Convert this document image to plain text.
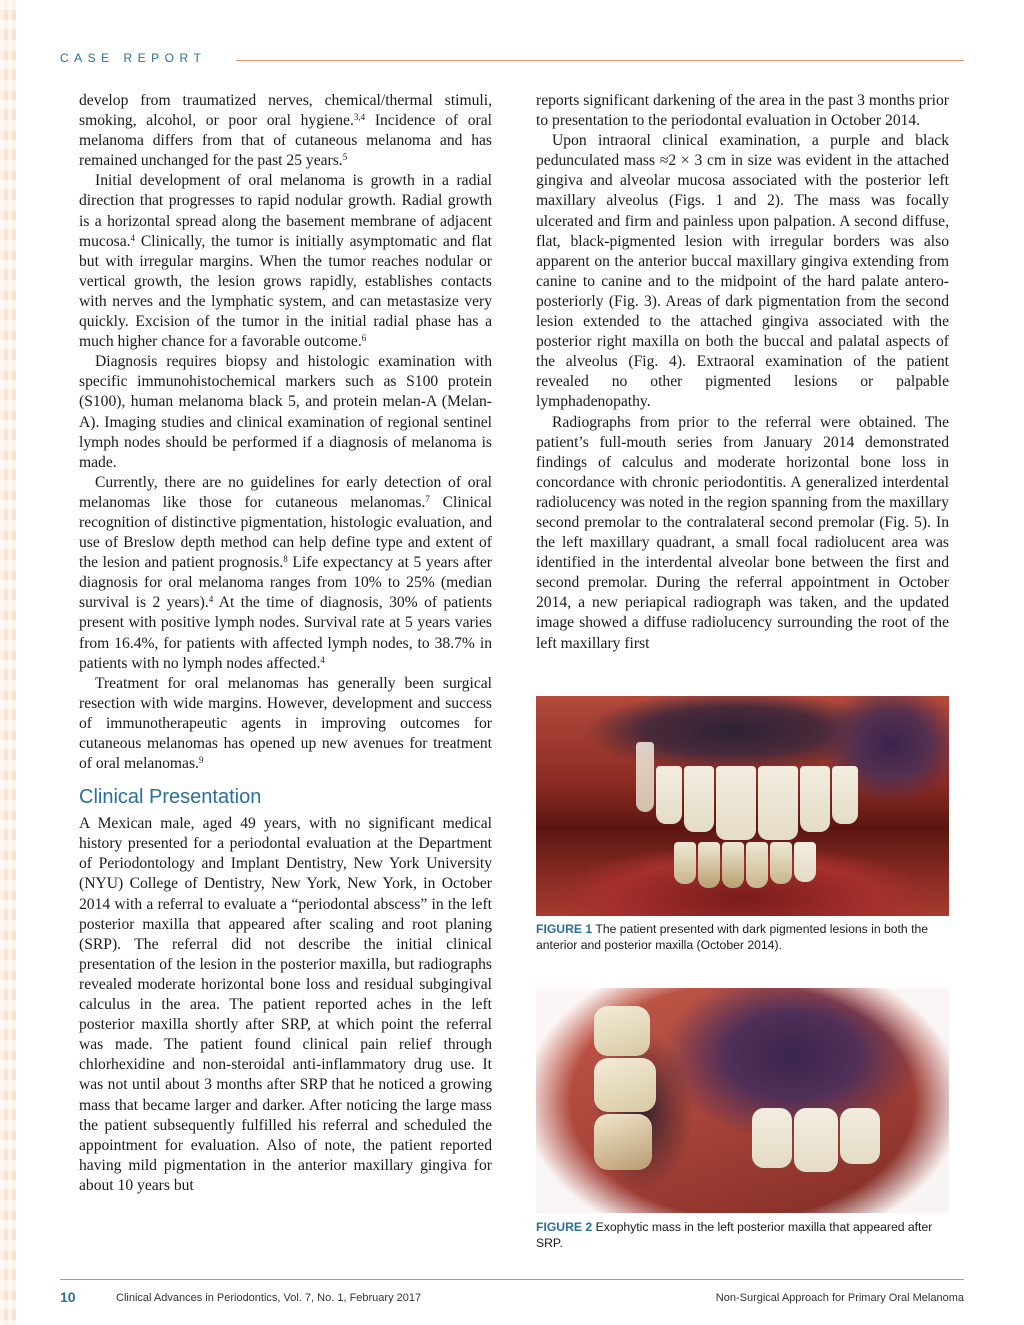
CASE REPORT

develop from traumatized nerves, chemical/thermal stimuli, smoking, alcohol, or poor oral hygiene.$^{3,4}$ Incidence of oral melanoma differs from that of cutaneous melanoma and has remained unchanged for the past 25 years.$^5$

Initial development of oral melanoma is growth in a radial direction that progresses to rapid nodular growth. Radial growth is a horizontal spread along the basement membrane of adjacent mucosa.$^4$ Clinically, the tumor is initially asymptomatic and flat but with irregular margins. When the tumor reaches nodular or vertical growth, the lesion grows rapidly, establishes contacts with nerves and the lymphatic system, and can metastasize very quickly. Excision of the tumor in the initial radial phase has a much higher chance for a favorable outcome.$^6$

Diagnosis requires biopsy and histologic examination with specific immunohistochemical markers such as S100 protein (S100), human melanoma black 5, and protein melan-A (Melan-A). Imaging studies and clinical examination of regional sentinel lymph nodes should be performed if a diagnosis of melanoma is made.

Currently, there are no guidelines for early detection of oral melanomas like those for cutaneous melanomas.$^7$ Clinical recognition of distinctive pigmentation, histologic evaluation, and use of Breslow depth method can help define type and extent of the lesion and patient prognosis.$^8$ Life expectancy at 5 years after diagnosis for oral melanoma ranges from 10% to 25% (median survival is 2 years).$^4$ At the time of diagnosis, 30% of patients present with positive lymph nodes. Survival rate at 5 years varies from 16.4%, for patients with affected lymph nodes, to 38.7% in patients with no lymph nodes affected.$^4$

Treatment for oral melanomas has generally been surgical resection with wide margins. However, development and success of immunotherapeutic agents in improving outcomes for cutaneous melanomas has opened up new avenues for treatment of oral melanomas.$^9$

Clinical Presentation

A Mexican male, aged 49 years, with no significant medical history presented for a periodontal evaluation at the Department of Periodontology and Implant Dentistry, New York University (NYU) College of Dentistry, New York, New York, in October 2014 with a referral to evaluate a “periodontal abscess” in the left posterior maxilla that appeared after scaling and root planing (SRP). The referral did not describe the initial clinical presentation of the lesion in the posterior maxilla, but radiographs revealed moderate horizontal bone loss and residual subgingival calculus in the area. The patient reported aches in the left posterior maxilla shortly after SRP, at which point the referral was made. The patient found clinical pain relief through chlorhexidine and non-steroidal anti-inflammatory drug use. It was not until about 3 months after SRP that he noticed a growing mass that became larger and darker. After noticing the large mass the patient subsequently fulfilled his referral and scheduled the appointment for evaluation. Also of note, the patient reported having mild pigmentation in the anterior maxillary gingiva for about 10 years but

reports significant darkening of the area in the past 3 months prior to presentation to the periodontal evaluation in October 2014.

Upon intraoral clinical examination, a purple and black pedunculated mass ≈2 × 3 cm in size was evident in the attached gingiva and alveolar mucosa associated with the posterior left maxillary alveolus (Figs. 1 and 2). The mass was focally ulcerated and firm and painless upon palpation. A second diffuse, flat, black-pigmented lesion with irregular borders was also apparent on the anterior buccal maxillary gingiva extending from canine to canine and to the midpoint of the hard palate antero-posteriorly (Fig. 3). Areas of dark pigmentation from the second lesion extended to the attached gingiva associated with the posterior right maxilla on both the buccal and palatal aspects of the alveolus (Fig. 4). Extraoral examination of the patient revealed no other pigmented lesions or palpable lymphadenopathy.

Radiographs from prior to the referral were obtained. The patient’s full-mouth series from January 2014 demonstrated findings of calculus and moderate horizontal bone loss in concordance with chronic periodontitis. A generalized interdental radiolucency was noted in the region spanning from the maxillary second premolar to the contralateral second premolar (Fig. 5). In the left maxillary quadrant, a small focal radiolucent area was identified in the interdental alveolar bone between the first and second premolar. During the referral appointment in October 2014, a new periapical radiograph was taken, and the updated image showed a diffuse radiolucency surrounding the root of the left maxillary first

FIGURE 1 The patient presented with dark pigmented lesions in both the anterior and posterior maxilla (October 2014).
FIGURE 2 Exophytic mass in the left posterior maxilla that appeared after SRP.
10	Clinical Advances in Periodontics, Vol. 7, No. 1, February 2017	Non-Surgical Approach for Primary Oral Melanoma
